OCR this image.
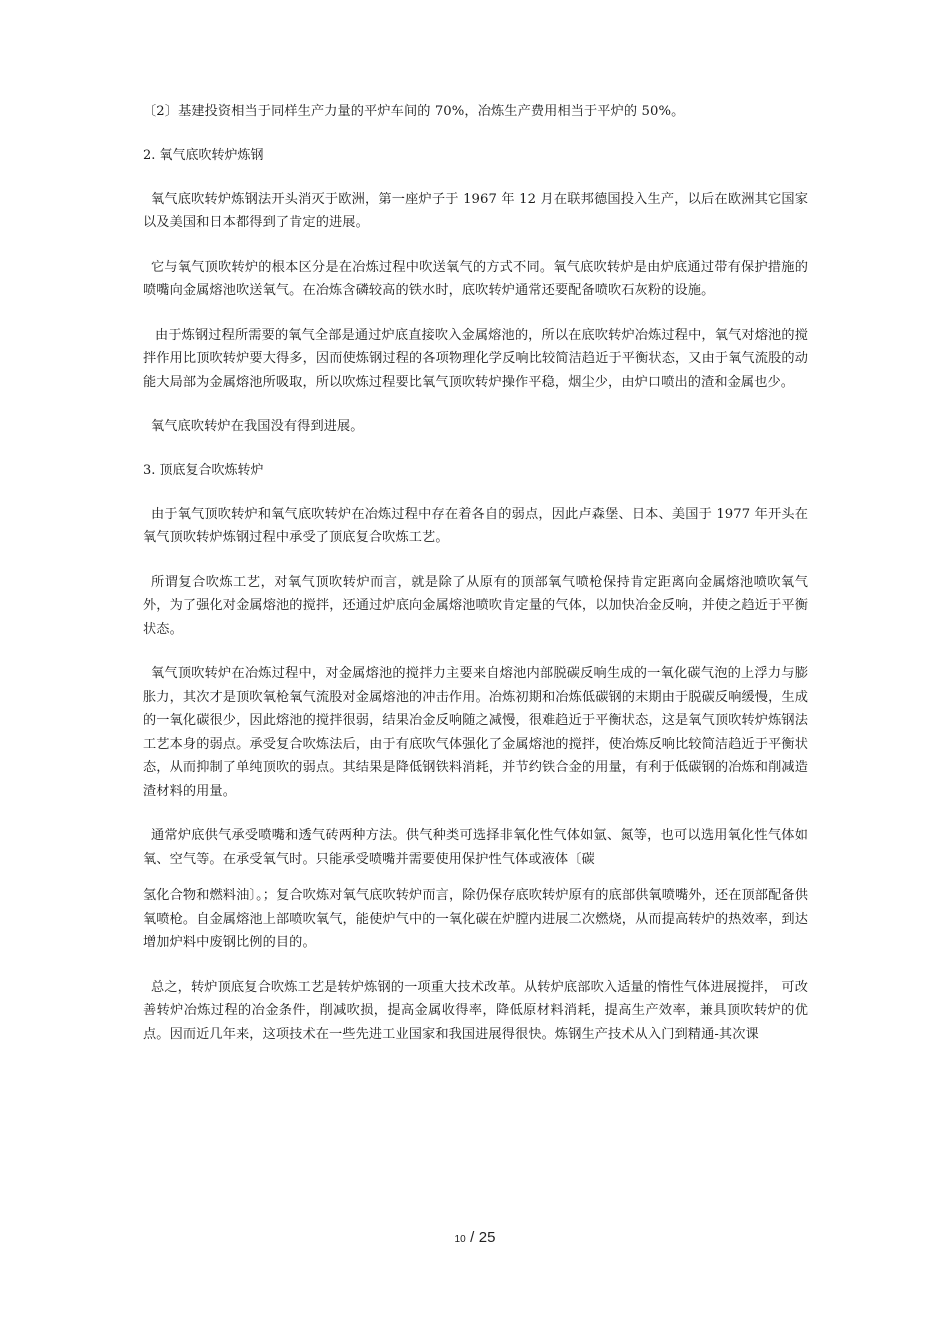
〔2〕基建投资相当于同样生产力量的平炉车间的 70%，冶炼生产费用相当于平炉的 50%。

2. 氧气底吹转炉炼钢

氧气底吹转炉炼钢法开头消灭于欧洲，第一座炉子于 1967 年 12 月在联邦德国投入生产，以后在欧洲其它国家以及美国和日本都得到了肯定的进展。

它与氧气顶吹转炉的根本区分是在冶炼过程中吹送氧气的方式不同。氧气底吹转炉是由炉底通过带有保护措施的喷嘴向金属熔池吹送氧气。在冶炼含磷较高的铁水时，底吹转炉通常还要配备喷吹石灰粉的设施。

由于炼钢过程所需要的氧气全部是通过炉底直接吹入金属熔池的，所以在底吹转炉冶炼过程中，氧气对熔池的搅拌作用比顶吹转炉要大得多，因而使炼钢过程的各项物理化学反响比较简洁趋近于平衡状态，又由于氧气流股的动能大局部为金属熔池所吸取，所以吹炼过程要比氧气顶吹转炉操作平稳，烟尘少，由炉口喷出的渣和金属也少。

氧气底吹转炉在我国没有得到进展。

3. 顶底复合吹炼转炉

由于氧气顶吹转炉和氧气底吹转炉在冶炼过程中存在着各自的弱点，因此卢森堡、日本、美国于 1977 年开头在氧气顶吹转炉炼钢过程中承受了顶底复合吹炼工艺。

所谓复合吹炼工艺，对氧气顶吹转炉而言，就是除了从原有的顶部氧气喷枪保持肯定距离向金属熔池喷吹氧气外，为了强化对金属熔池的搅拌，还通过炉底向金属熔池喷吹肯定量的气体，以加快冶金反响，并使之趋近于平衡状态。

氧气顶吹转炉在冶炼过程中，对金属熔池的搅拌力主要来自熔池内部脱碳反响生成的一氧化碳气泡的上浮力与膨胀力，其次才是顶吹氧枪氧气流股对金属熔池的冲击作用。冶炼初期和冶炼低碳钢的末期由于脱碳反响缓慢，生成的一氧化碳很少，因此熔池的搅拌很弱，结果冶金反响随之减慢，很难趋近于平衡状态，这是氧气顶吹转炉炼钢法工艺本身的弱点。承受复合吹炼法后，由于有底吹气体强化了金属熔池的搅拌，使冶炼反响比较简洁趋近于平衡状态，从而抑制了单纯顶吹的弱点。其结果是降低钢铁料消耗，并节约铁合金的用量，有利于低碳钢的冶炼和削减造渣材料的用量。

通常炉底供气承受喷嘴和透气砖两种方法。供气种类可选择非氧化性气体如氩、氮等，也可以选用氧化性气体如氧、空气等。在承受氧气时。只能承受喷嘴并需要使用保护性气体或液体〔碳

氢化合物和燃料油〕。；复合吹炼对氧气底吹转炉而言，除仍保存底吹转炉原有的底部供氧喷嘴外，还在顶部配备供氧喷枪。自金属熔池上部喷吹氧气，能使炉气中的一氧化碳在炉膛内进展二次燃烧，从而提高转炉的热效率，到达增加炉料中废钢比例的目的。

总之，转炉顶底复合吹炼工艺是转炉炼钢的一项重大技术改革。从转炉底部吹入适量的惰性气体进展搅拌， 可改善转炉冶炼过程的冶金条件，削减吹损，提高金属收得率，降低原材料消耗，提高生产效率，兼具顶吹转炉的优点。因而近几年来，这项技术在一些先进工业国家和我国进展得很快。炼钢生产技术从入门到精通-其次课

10 / 25
